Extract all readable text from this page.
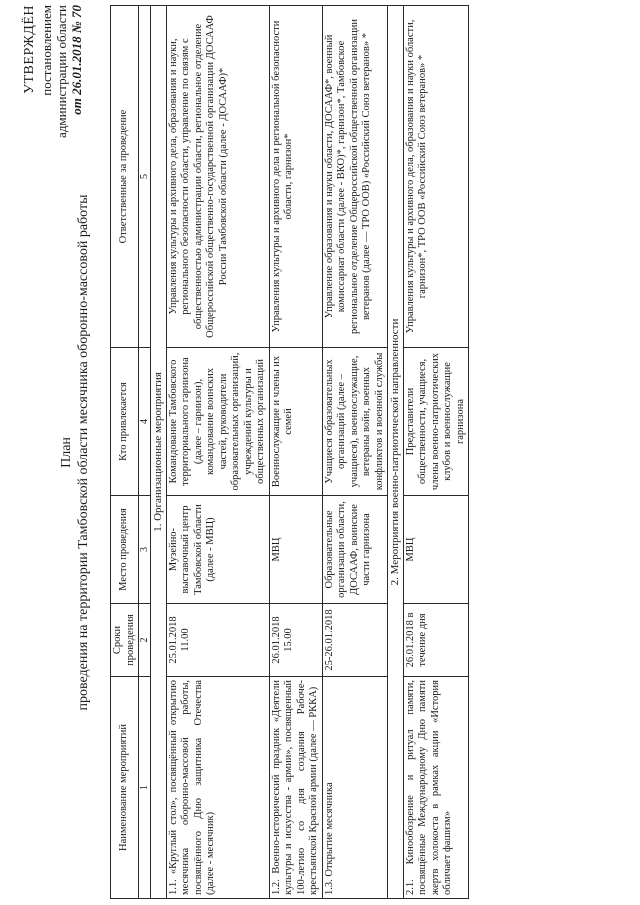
УТВЕРЖДЁН постановлением администрации области от 26.01.2018 № 70
План проведения на территории Тамбовской области месячника оборонно-массовой работы
Наименование мероприятий	Сроки проведения	Место проведения	Кто привлекается	Ответственные за проведение
1	2	3	4	5
1. Организационные мероприятия				
1.1. «Круглый стол», посвящённый открытию месячника оборонно-массовой работы, посвящённого Дню защитника Отечества (далее - месячник)	25.01.2018 11.00	Музейно-выставочный центр Тамбовской области (далее - МВЦ)	Командование Тамбовского территориального гарнизона (далее – гарнизон), командование воинских частей, руководители образовательных организаций, учреждений культуры и общественных организаций	Управления культуры и архивного дела, образования и науки, регионального безопасности области, управление по связям с общественностью администрации области, региональное отделение Общероссийской общественно-государственной организации ДОСААФ России Тамбовской области (далее - ДОСААФ)*
1.2. Военно-исторический праздник «Деятели культуры и искусства - армии», посвященный 100-летию со дня создания Рабоче-крестьянской Красной армии (далее — РККА)	26.01.2018 15.00	МВЦ	Военнослужащие и члены их семей	Управления культуры и архивного дела и региональной безопасности области, гарнизон*
1.3. Открытие месячника	25-26.01.2018	Образовательные организации области, ДОСААФ, воинские части гарнизона	Учащиеся образовательных организаций (далее – учащиеся), военнослужащие, ветераны войн, военных конфликтов и военной службы	Управление образования и науки области, ДОСААФ*, военный комиссариат области (далее - ВКО)*, гарнизон*, Тамбовское региональное отделение Общероссийской общественной организации ветеранов (далее — ТРО ООВ) «Российский Союз ветеранов» *
2. Мероприятия военно-патриотической направленности				
2.1. Кинообозрение и ритуал памяти, посвящённые Международному Дню памяти жертв холокоста в рамках акции «История обличает фашизм»	26.01.2018 в течение дня	МВЦ	Представители общественности, учащиеся, члены военно-патриотических клубов и военнослужащие гарнизона	Управления культуры и архивного дела, образования и науки области, гарнизон*, ТРО ООВ «Российский Союз ветеранов» *
